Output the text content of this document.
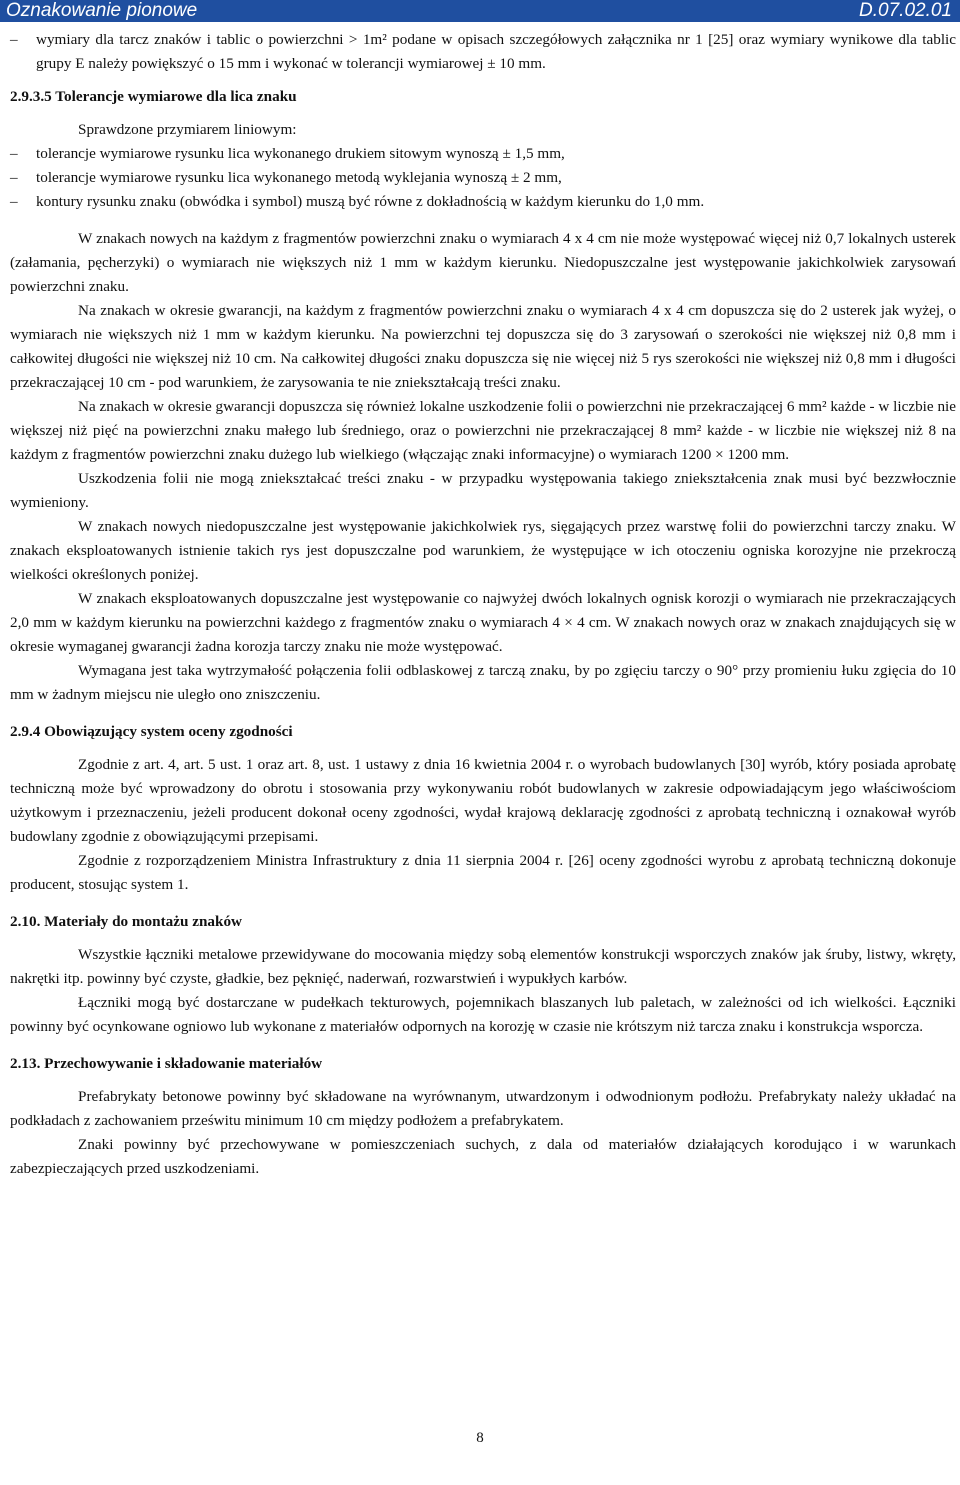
Oznakowanie pionowe	D.07.02.01

– wymiary dla tarcz znaków i tablic o powierzchni > 1m² podane w opisach szczegółowych załącznika nr 1 [25] oraz wymiary wynikowe dla tablic grupy E należy powiększyć o 15 mm i wykonać w tolerancji wymiarowej ± 10 mm.

2.9.3.5 Tolerancje wymiarowe dla lica znaku

Sprawdzone przymiarem liniowym:

– tolerancje wymiarowe rysunku lica wykonanego drukiem sitowym wynoszą ± 1,5 mm,

– tolerancje wymiarowe rysunku lica wykonanego metodą wyklejania wynoszą ± 2 mm,

– kontury rysunku znaku (obwódka i symbol) muszą być równe z dokładnością w każdym kierunku do 1,0 mm.

W znakach nowych na każdym z fragmentów powierzchni znaku o wymiarach 4 x 4 cm nie może występować więcej niż 0,7 lokalnych usterek (załamania, pęcherzyki) o wymiarach nie większych niż 1 mm w każdym kierunku. Niedopuszczalne jest występowanie jakichkolwiek zarysowań powierzchni znaku.

Na znakach w okresie gwarancji, na każdym z fragmentów powierzchni znaku o wymiarach 4 x 4 cm dopuszcza się do 2 usterek jak wyżej, o wymiarach nie większych niż 1 mm w każdym kierunku. Na powierzchni tej dopuszcza się do 3 zarysowań o szerokości nie większej niż 0,8 mm i całkowitej długości nie większej niż 10 cm. Na całkowitej długości znaku dopuszcza się nie więcej niż 5 rys szerokości nie większej niż 0,8 mm i długości przekraczającej 10 cm - pod warunkiem, że zarysowania te nie zniekształcają treści znaku.

Na znakach w okresie gwarancji dopuszcza się również lokalne uszkodzenie folii o powierzchni nie przekraczającej 6 mm² każde - w liczbie nie większej niż pięć na powierzchni znaku małego lub średniego, oraz o powierzchni nie przekraczającej 8 mm² każde - w liczbie nie większej niż 8 na każdym z fragmentów powierzchni znaku dużego lub wielkiego (włączając znaki informacyjne) o wymiarach 1200 × 1200 mm.

Uszkodzenia folii nie mogą zniekształcać treści znaku - w przypadku występowania takiego zniekształcenia znak musi być bezzwłocznie wymieniony.

W znakach nowych niedopuszczalne jest występowanie jakichkolwiek rys, sięgających przez warstwę folii do powierzchni tarczy znaku. W znakach eksploatowanych istnienie takich rys jest dopuszczalne pod warunkiem, że występujące w ich otoczeniu ogniska korozyjne nie przekroczą wielkości określonych poniżej.

W znakach eksploatowanych dopuszczalne jest występowanie co najwyżej dwóch lokalnych ognisk korozji o wymiarach nie przekraczających 2,0 mm w każdym kierunku na powierzchni każdego z fragmentów znaku o wymiarach 4 × 4 cm. W znakach nowych oraz w znakach znajdujących się w okresie wymaganej gwarancji żadna korozja tarczy znaku nie może występować.

Wymagana jest taka wytrzymałość połączenia folii odblaskowej z tarczą znaku, by po zgięciu tarczy o 90° przy promieniu łuku zgięcia do 10 mm w żadnym miejscu nie uległo ono zniszczeniu.

2.9.4 Obowiązujący system oceny zgodności

Zgodnie z art. 4, art. 5 ust. 1 oraz art. 8, ust. 1 ustawy z dnia 16 kwietnia 2004 r. o wyrobach budowlanych [30] wyrób, który posiada aprobatę techniczną może być wprowadzony do obrotu i stosowania przy wykonywaniu robót budowlanych w zakresie odpowiadającym jego właściwościom użytkowym i przeznaczeniu, jeżeli producent dokonał oceny zgodności, wydał krajową deklarację zgodności z aprobatą techniczną i oznakował wyrób budowlany zgodnie z obowiązującymi przepisami.

Zgodnie z rozporządzeniem Ministra Infrastruktury z dnia 11 sierpnia 2004 r. [26] oceny zgodności wyrobu z aprobatą techniczną dokonuje producent, stosując system 1.

2.10. Materiały do montażu znaków

Wszystkie łączniki metalowe przewidywane do mocowania między sobą elementów konstrukcji wsporczych znaków jak śruby, listwy, wkręty, nakrętki itp. powinny być czyste, gładkie, bez pęknięć, naderwań, rozwarstwień i wypukłych karbów.

Łączniki mogą być dostarczane w pudełkach tekturowych, pojemnikach blaszanych lub paletach, w zależności od ich wielkości. Łączniki powinny być ocynkowane ogniowo lub wykonane z materiałów odpornych na korozję w czasie nie krótszym niż tarcza znaku i konstrukcja wsporcza.

2.13. Przechowywanie i składowanie materiałów

Prefabrykaty betonowe powinny być składowane na wyrównanym, utwardzonym i odwodnionym podłożu. Prefabrykaty należy układać na podkładach z zachowaniem prześwitu minimum 10 cm między podłożem a prefabrykatem.

Znaki powinny być przechowywane w pomieszczeniach suchych, z dala od materiałów działających korodująco i w warunkach zabezpieczających przed uszkodzeniami.

8
